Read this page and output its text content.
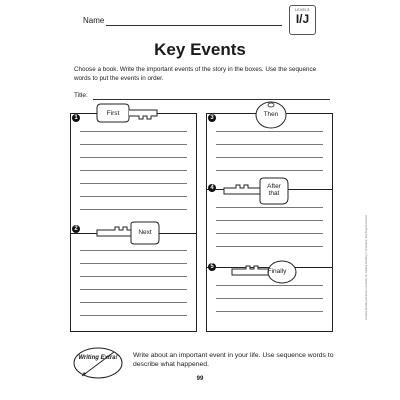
Name
LEVELS
I/J
Key Events
Choose a book. Write the important events of the story in the boxes. Use the sequence words to put the events in order.
Title:
1
2
3
4
5
First
Next
Then
After that
Finally
Writing Extra!	Write about an important event in your life. Use sequence words to describe what happened.
99
Leveled Reading Extension Activities for Guided Reading © Scholastic Teaching Resources
